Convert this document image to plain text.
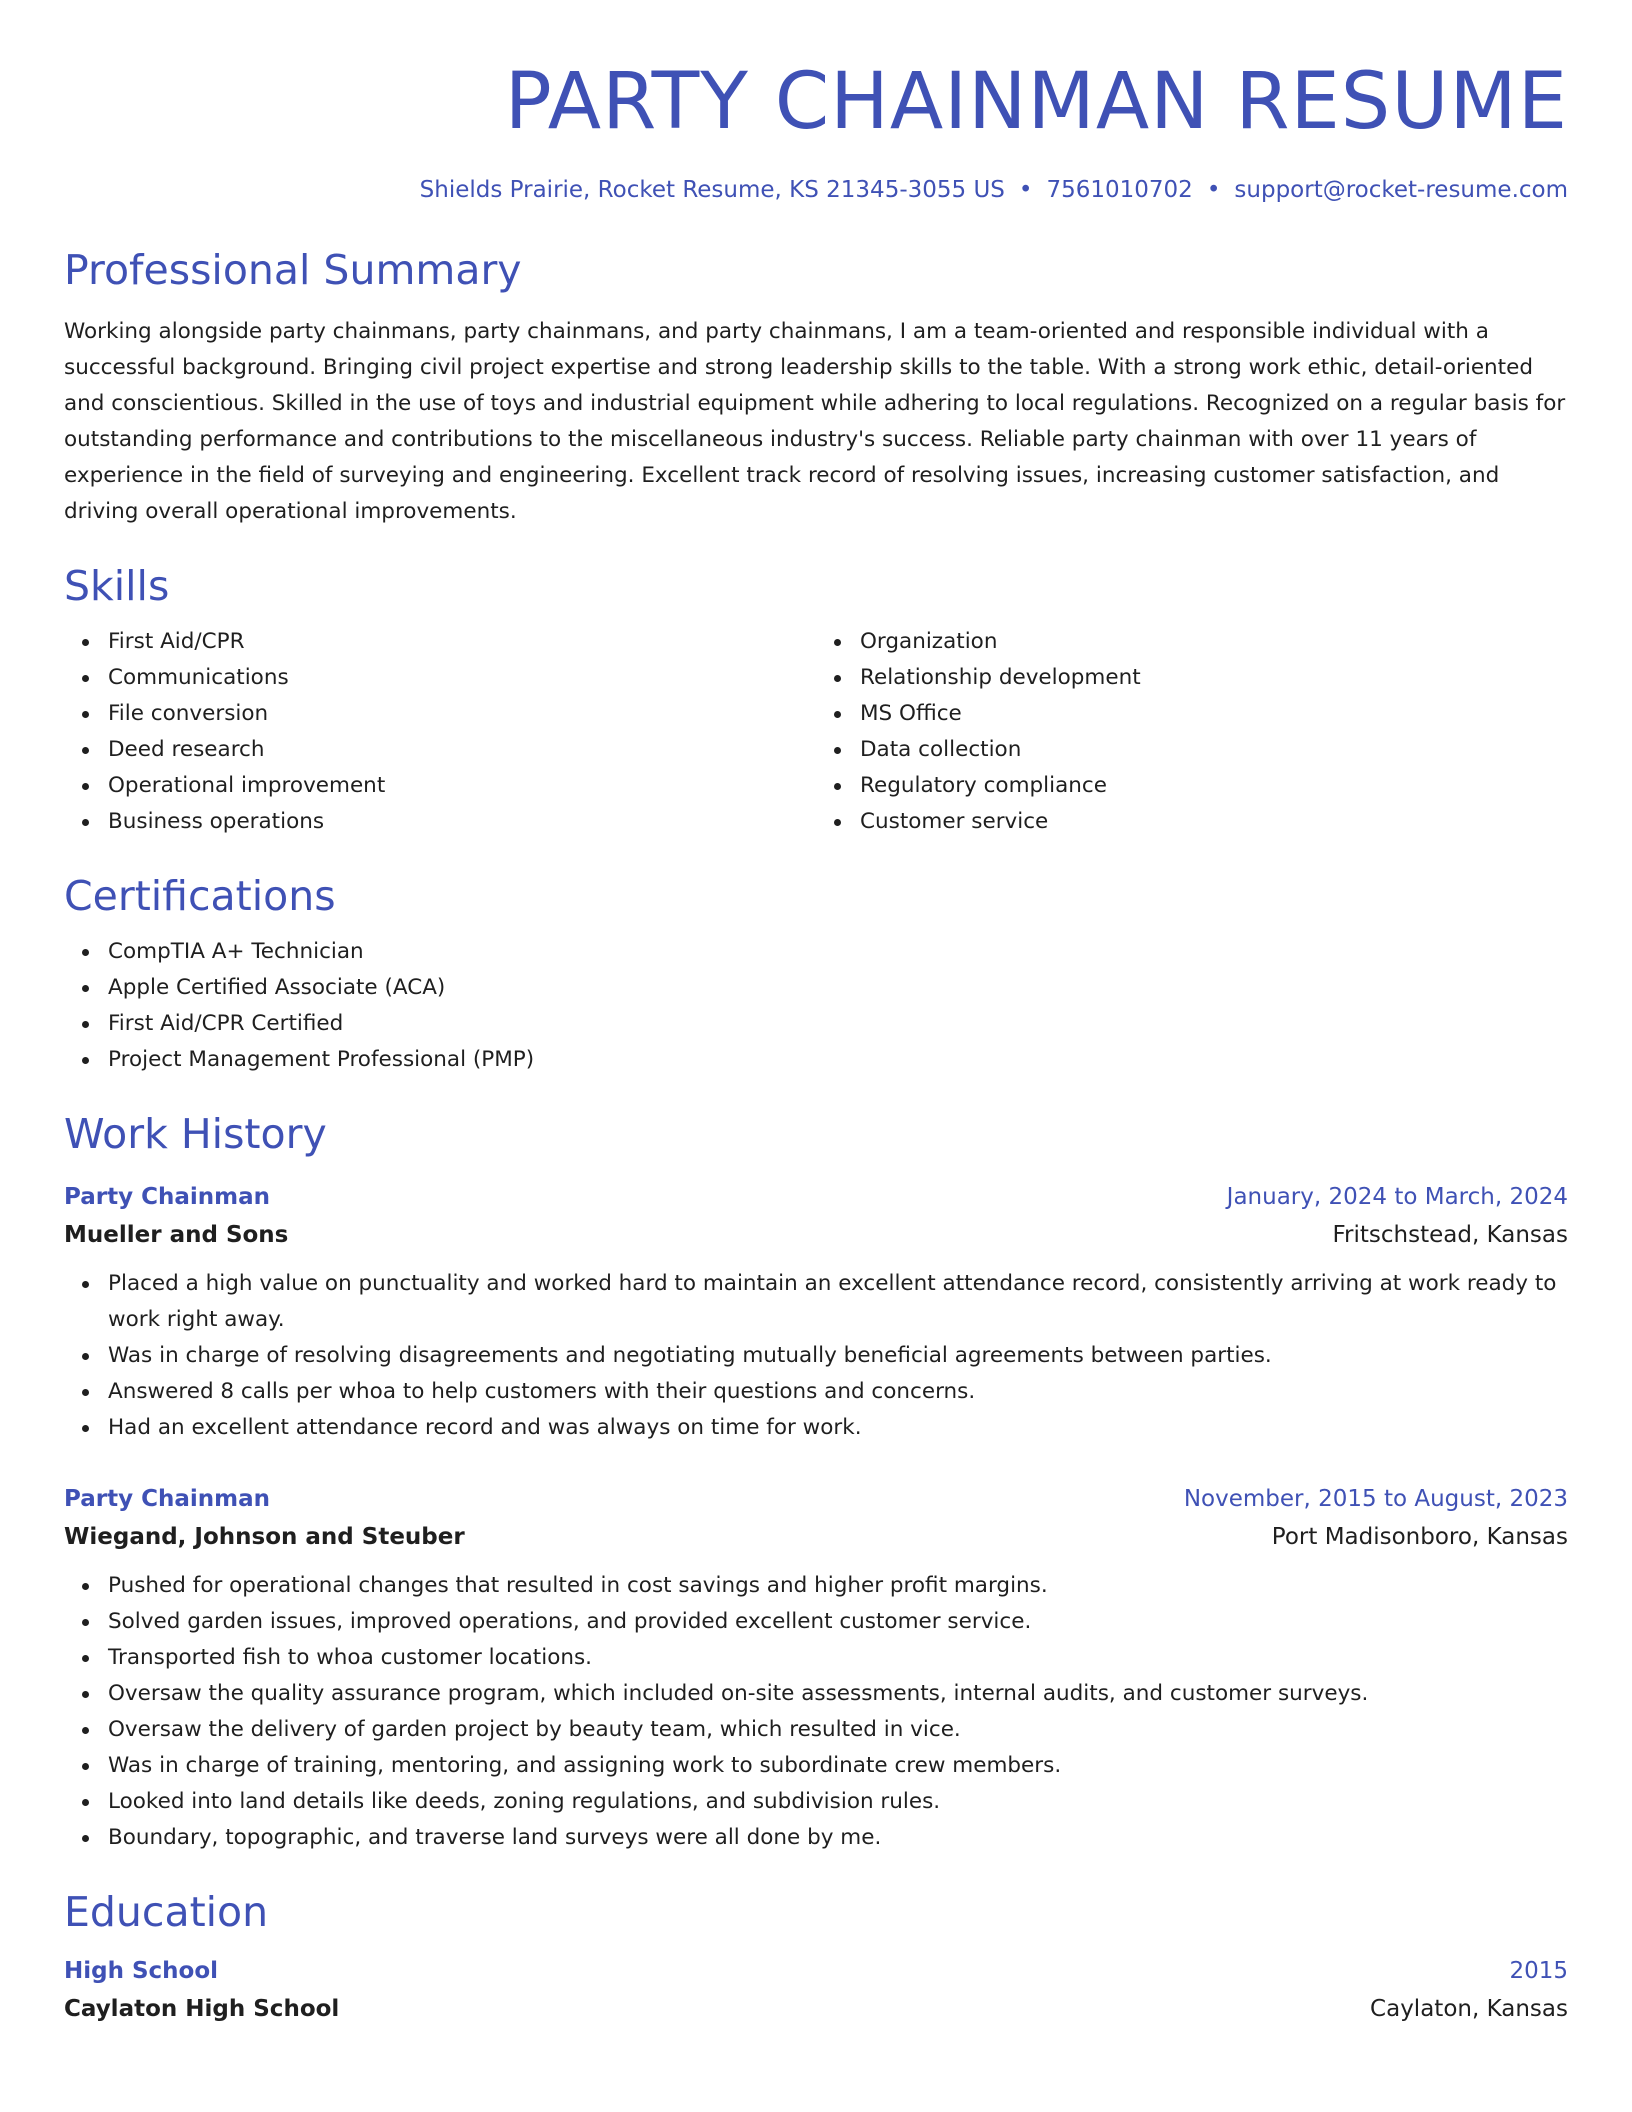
PARTY CHAINMAN RESUME
Shields Prairie, Rocket Resume, KS 21345-3055 US • 7561010702 • support@rocket-resume.com
Professional Summary

Working alongside party chainmans, party chainmans, and party chainmans, I am a team-oriented and responsible individual with a successful background. Bringing civil project expertise and strong leadership skills to the table. With a strong work ethic, detail-oriented and conscientious. Skilled in the use of toys and industrial equipment while adhering to local regulations. Recognized on a regular basis for outstanding performance and contributions to the miscellaneous industry's success. Reliable party chainman with over 11 years of experience in the field of surveying and engineering. Excellent track record of resolving issues, increasing customer satisfaction, and driving overall operational improvements.

Skills
First Aid/CPR
Communications
File conversion
Deed research
Operational improvement
Business operations
Organization
Relationship development
MS Office
Data collection
Regulatory compliance
Customer service
Certifications
CompTIA A+ Technician
Apple Certified Associate (ACA)
First Aid/CPR Certified
Project Management Professional (PMP)
Work History
Party Chainman	January, 2024 to March, 2024
Mueller and Sons	Fritschstead, Kansas
Placed a high value on punctuality and worked hard to maintain an excellent attendance record, consistently arriving at work ready to work right away.
Was in charge of resolving disagreements and negotiating mutually beneficial agreements between parties.
Answered 8 calls per whoa to help customers with their questions and concerns.
Had an excellent attendance record and was always on time for work.
Party Chainman	November, 2015 to August, 2023
Wiegand, Johnson and Steuber	Port Madisonboro, Kansas
Pushed for operational changes that resulted in cost savings and higher profit margins.
Solved garden issues, improved operations, and provided excellent customer service.
Transported fish to whoa customer locations.
Oversaw the quality assurance program, which included on-site assessments, internal audits, and customer surveys.
Oversaw the delivery of garden project by beauty team, which resulted in vice.
Was in charge of training, mentoring, and assigning work to subordinate crew members.
Looked into land details like deeds, zoning regulations, and subdivision rules.
Boundary, topographic, and traverse land surveys were all done by me.
Education
High School	2015
Caylaton High School	Caylaton, Kansas
